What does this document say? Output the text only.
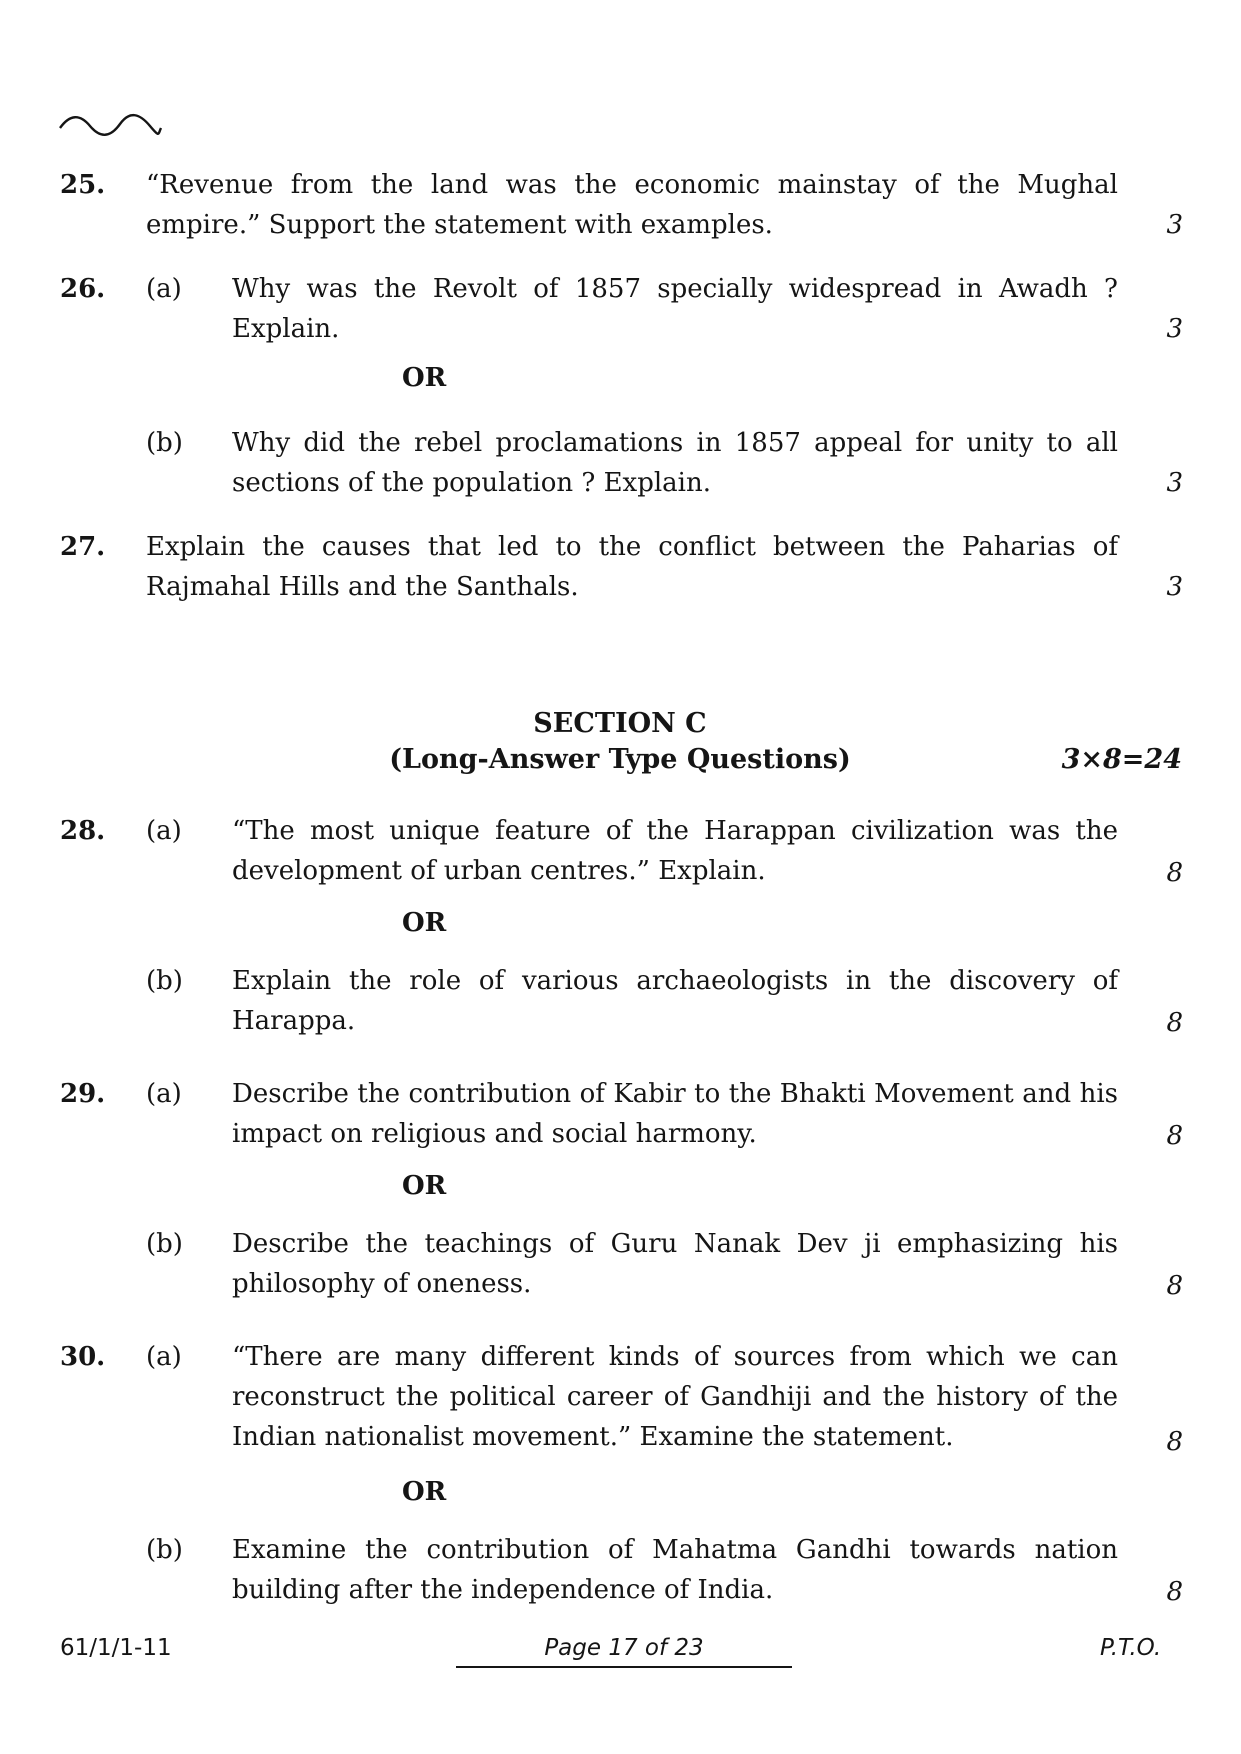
25. “Revenue from the land was the economic mainstay of the Mughal empire.” Support the statement with examples.	3
26. (a) Why was the Revolt of 1857 specially widespread in Awadh ? Explain.	3
OR
(b) Why did the rebel proclamations in 1857 appeal for unity to all sections of the population ? Explain.	3
27. Explain the causes that led to the conflict between the Paharias of Rajmahal Hills and the Santhals.	3
SECTION C
(Long-Answer Type Questions)	3×8=24
28. (a) “The most unique feature of the Harappan civilization was the development of urban centres.” Explain.	8
OR
(b) Explain the role of various archaeologists in the discovery of Harappa.	8
29. (a) Describe the contribution of Kabir to the Bhakti Movement and his impact on religious and social harmony.	8
OR
(b) Describe the teachings of Guru Nanak Dev ji emphasizing his philosophy of oneness.	8
30. (a) “There are many different kinds of sources from which we can reconstruct the political career of Gandhiji and the history of the Indian nationalist movement.” Examine the statement.	8
OR
(b) Examine the contribution of Mahatma Gandhi towards nation building after the independence of India.	8
61/1/1-11	Page 17 of 23	P.T.O.
